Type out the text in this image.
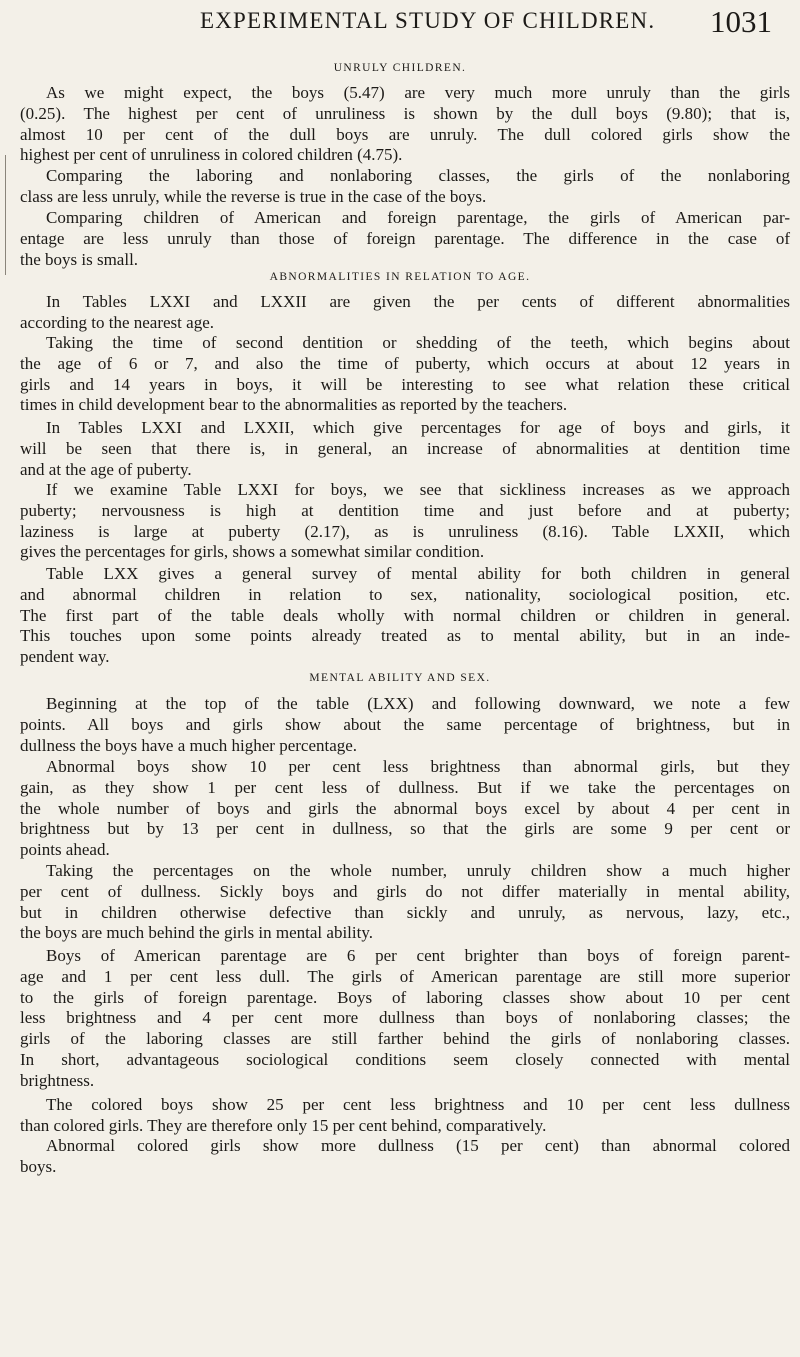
EXPERIMENTAL STUDY OF CHILDREN. 1031
UNRULY CHILDREN.
As we might expect, the boys (5.47) are very much more unruly than the girls
(0.25). The highest per cent of unruliness is shown by the dull boys (9.80); that is,
almost 10 per cent of the dull boys are unruly. The dull colored girls show the
highest per cent of unruliness in colored children (4.75).
Comparing the laboring and nonlaboring classes, the girls of the nonlaboring
class are less unruly, while the reverse is true in the case of the boys.
Comparing children of American and foreign parentage, the girls of American par-
entage are less unruly than those of foreign parentage. The difference in the case of
the boys is small.
ABNORMALITIES IN RELATION TO AGE.
In Tables LXXI and LXXII are given the per cents of different abnormalities
according to the nearest age.
Taking the time of second dentition or shedding of the teeth, which begins about
the age of 6 or 7, and also the time of puberty, which occurs at about 12 years in
girls and 14 years in boys, it will be interesting to see what relation these critical
times in child development bear to the abnormalities as reported by the teachers.
In Tables LXXI and LXXII, which give percentages for age of boys and girls, it
will be seen that there is, in general, an increase of abnormalities at dentition time
and at the age of puberty.
If we examine Table LXXI for boys, we see that sickliness increases as we approach
puberty; nervousness is high at dentition time and just before and at puberty;
laziness is large at puberty (2.17), as is unruliness (8.16). Table LXXII, which
gives the percentages for girls, shows a somewhat similar condition.
Table LXX gives a general survey of mental ability for both children in general
and abnormal children in relation to sex, nationality, sociological position, etc.
The first part of the table deals wholly with normal children or children in general.
This touches upon some points already treated as to mental ability, but in an inde-
pendent way.
MENTAL ABILITY AND SEX.
Beginning at the top of the table (LXX) and following downward, we note a few
points. All boys and girls show about the same percentage of brightness, but in
dullness the boys have a much higher percentage.
Abnormal boys show 10 per cent less brightness than abnormal girls, but they
gain, as they show 1 per cent less of dullness. But if we take the percentages on
the whole number of boys and girls the abnormal boys excel by about 4 per cent in
brightness but by 13 per cent in dullness, so that the girls are some 9 per cent or
points ahead.
Taking the percentages on the whole number, unruly children show a much higher
per cent of dullness. Sickly boys and girls do not differ materially in mental ability,
but in children otherwise defective than sickly and unruly, as nervous, lazy, etc.,
the boys are much behind the girls in mental ability.
Boys of American parentage are 6 per cent brighter than boys of foreign parent-
age and 1 per cent less dull. The girls of American parentage are still more superior
to the girls of foreign parentage. Boys of laboring classes show about 10 per cent
less brightness and 4 per cent more dullness than boys of nonlaboring classes; the
girls of the laboring classes are still farther behind the girls of nonlaboring classes.
In short, advantageous sociological conditions seem closely connected with mental
brightness.
The colored boys show 25 per cent less brightness and 10 per cent less dullness
than colored girls. They are therefore only 15 per cent behind, comparatively.
Abnormal colored girls show more dullness (15 per cent) than abnormal colored
boys.
